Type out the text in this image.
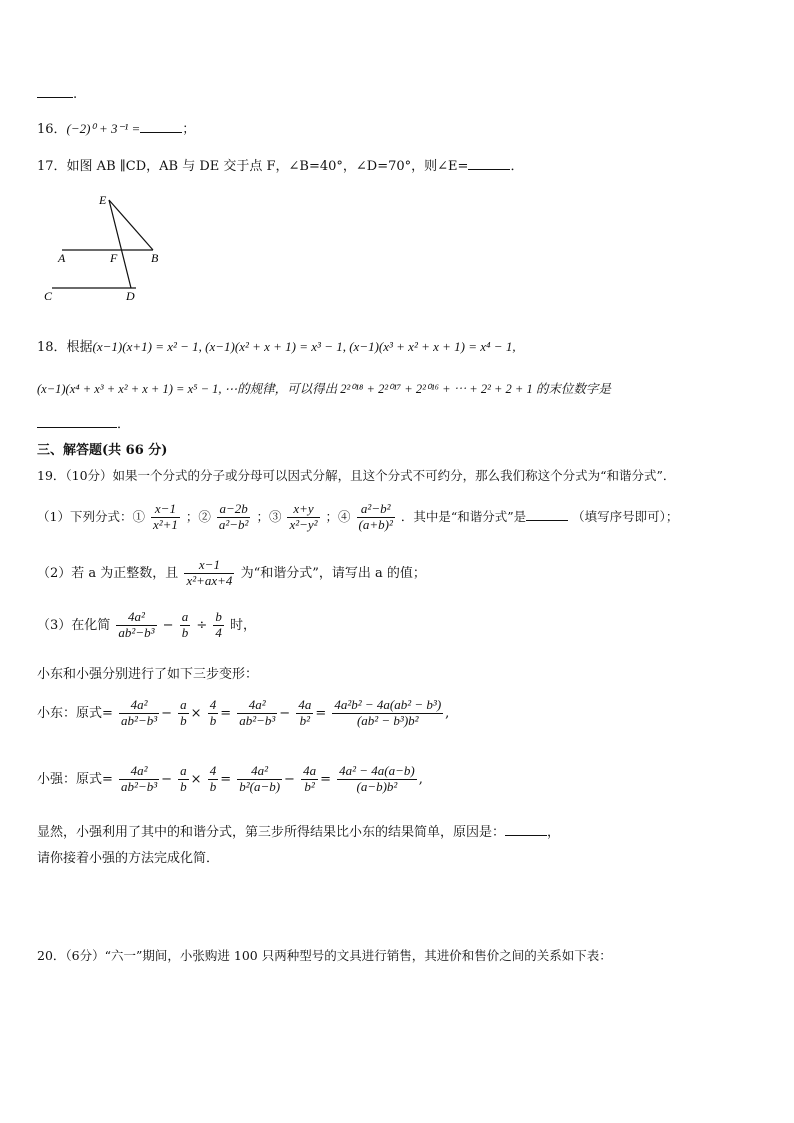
.
16．(−2)⁰ + 3⁻¹ =	；
17．如图 AB ∥CD，AB 与 DE 交于点 F，∠B=40°，∠D=70°，则∠E=	．
E
A	F	B
C	D
18．根据(x−1)(x+1) = x² − 1, (x−1)(x² + x + 1) = x³ − 1, (x−1)(x³ + x² + x + 1) = x⁴ − 1,
(x−1)(x⁴ + x³ + x² + x + 1) = x⁵ − 1, ⋯的规律，可以得出 2²⁰¹⁸ + 2²⁰¹⁷ + 2²⁰¹⁶ + ⋯ + 2² + 2 + 1 的末位数字是
．
三、解答题(共 66 分)
19．（10分）如果一个分式的分子或分母可以因式分解，且这个分式不可约分，那么我们称这个分式为“和谐分式”．
（1）下列分式：① $\frac{x-1}{\text{x²+1}}$ ；② $\frac{a-2b}{\text{a²−b²}}$ ；③ $\frac{x+y}{\text{x²−y²}}$ ；④ $\frac{\text{a²−b²}}{\text{(a+b)²}}$ ．其中是“和谐分式”是	（填写序号即可）；
（2）若 a 为正整数，且 $\frac{x-1}{\text{x²+ax+4}}$ 为“和谐分式”，请写出 a 的值；
（3）在化简 $\frac{\text{4a²}}{\text{ab²−b³}} - \frac{a}{b} \div \frac{b}{4}$ 时，
小东和小强分别进行了如下三步变形：
小东：原式= $\frac{\text{4a²}}{\text{ab²−b³}} - \frac{a}{b} \times \frac{4}{b} = \frac{\text{4a²}}{\text{ab²−b³}} - \frac{4a}{\text{b²}} = \frac{\text{4a²b² − 4a(ab² − b³)}}{\text{(ab² − b³)b²}}$ ,
小强：原式= $\frac{\text{4a²}}{\text{ab²−b³}} - \frac{a}{b} \times \frac{4}{b} = \frac{\text{4a²}}{\text{b²(a−b)}} - \frac{4a}{\text{b²}} = \frac{\text{4a² − 4a(a−b)}}{\text{(a−b)b²}}$ ,
显然，小强利用了其中的和谐分式，第三步所得结果比小东的结果简单，原因是：	，
请你接着小强的方法完成化简．
20．（6分）“六一”期间，小张购进 100 只两种型号的文具进行销售，其进价和售价之间的关系如下表：
